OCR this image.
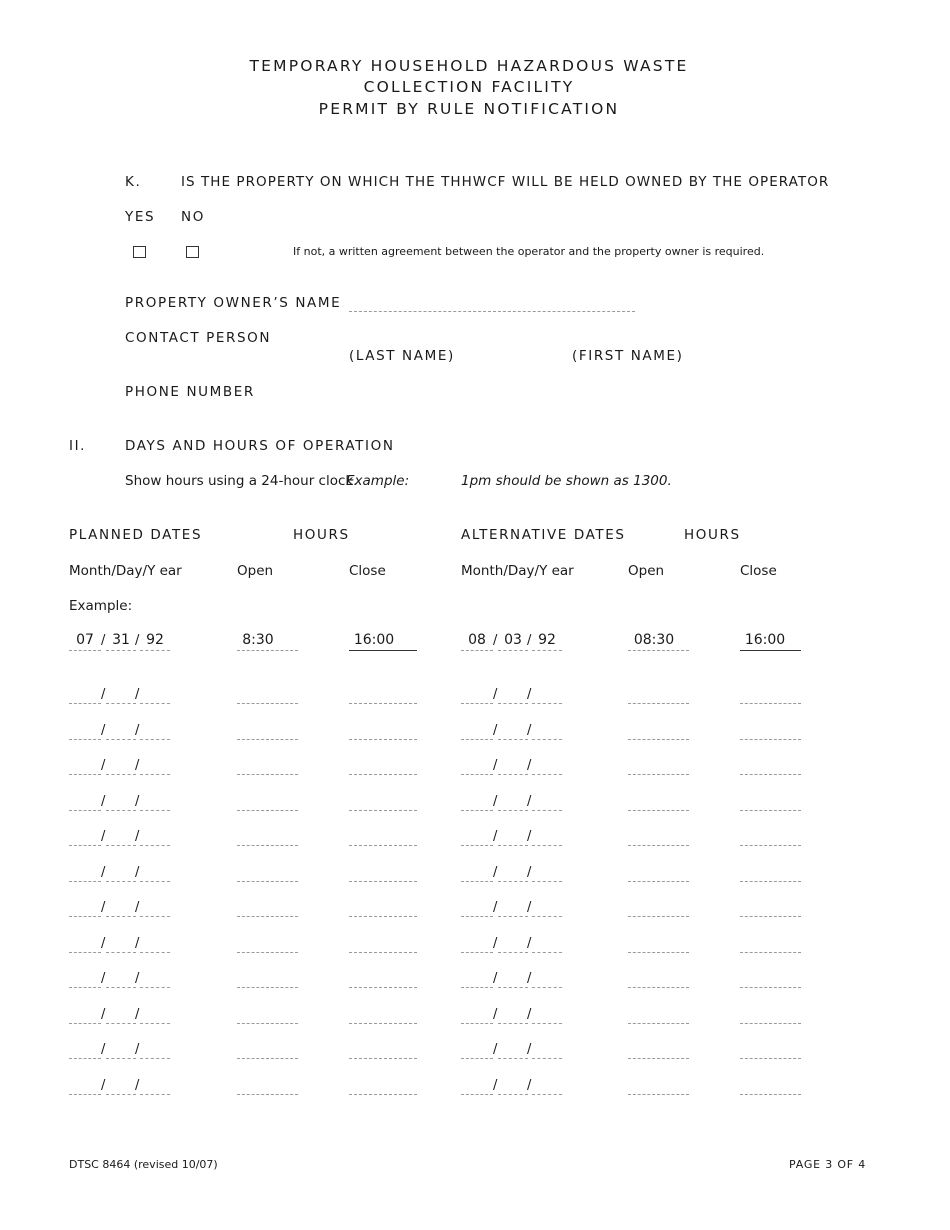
TEMPORARY HOUSEHOLD HAZARDOUS WASTE
COLLECTION FACILITY
PERMIT BY RULE NOTIFICATION
K.	IS THE PROPERTY ON WHICH THE THHWCF WILL BE HELD OWNED BY THE OPERATOR
YES NO
If not, a written agreement between the operator and the property owner is required.
PROPERTY OWNER’S NAME
CONTACT PERSON
(LAST NAME)	(FIRST NAME)
PHONE NUMBER
II.	DAYS AND HOURS OF OPERATION
Show hours using a 24-hour clock.
Example:	1pm should be shown as 1300.
PLANNED DATES	HOURS	ALTERNATIVE DATES	HOURS
Month/Day/Y ear	Open	Close	Month/Day/Y ear	Open	Close
Example:
07 / 31 / 92	8:30	16:00	08 / 03 / 92	08:30	16:00
/ /	/ /
/ /	/ /
/ /	/ /
/ /	/ /
/ /	/ /
/ /	/ /
/ /	/ /
/ /	/ /
/ /	/ /
/ /	/ /
/ /	/ /
/ /	/ /
DTSC 8464 (revised 10/07)	PAGE 3 OF 4
